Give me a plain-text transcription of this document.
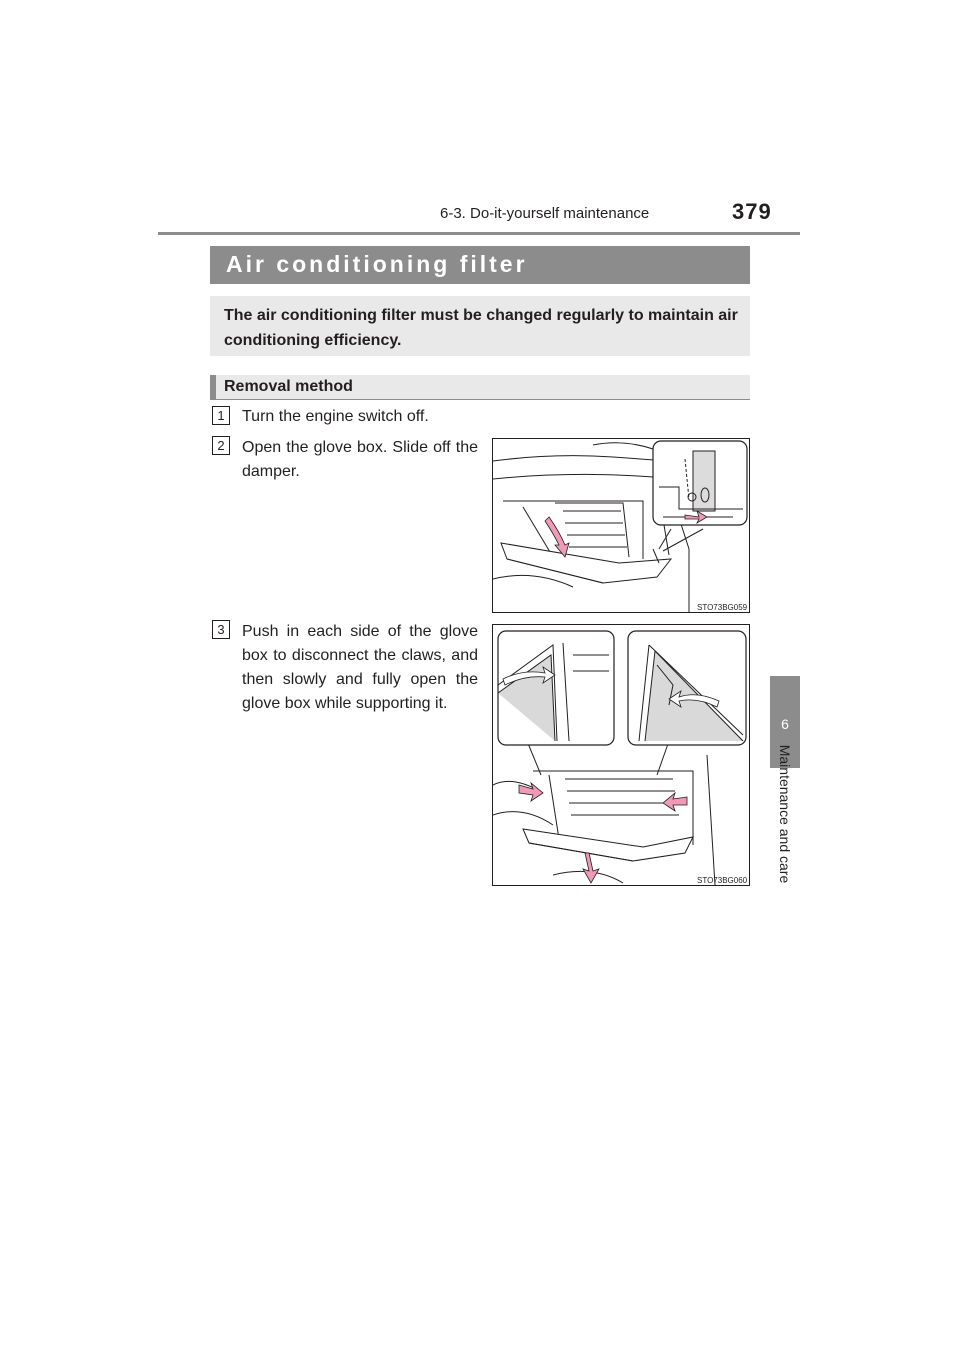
6-3. Do-it-yourself maintenance	379
6
Maintenance and care
Air conditioning filter
The air conditioning filter must be changed regularly to maintain air conditioning efficiency.
Removal method
1	Turn the engine switch off.
2	Open the glove box. Slide off the damper.
STO73BG059
3	Push in each side of the glove box to disconnect the claws, and then slowly and fully open the glove box while supporting it.
STO73BG060
